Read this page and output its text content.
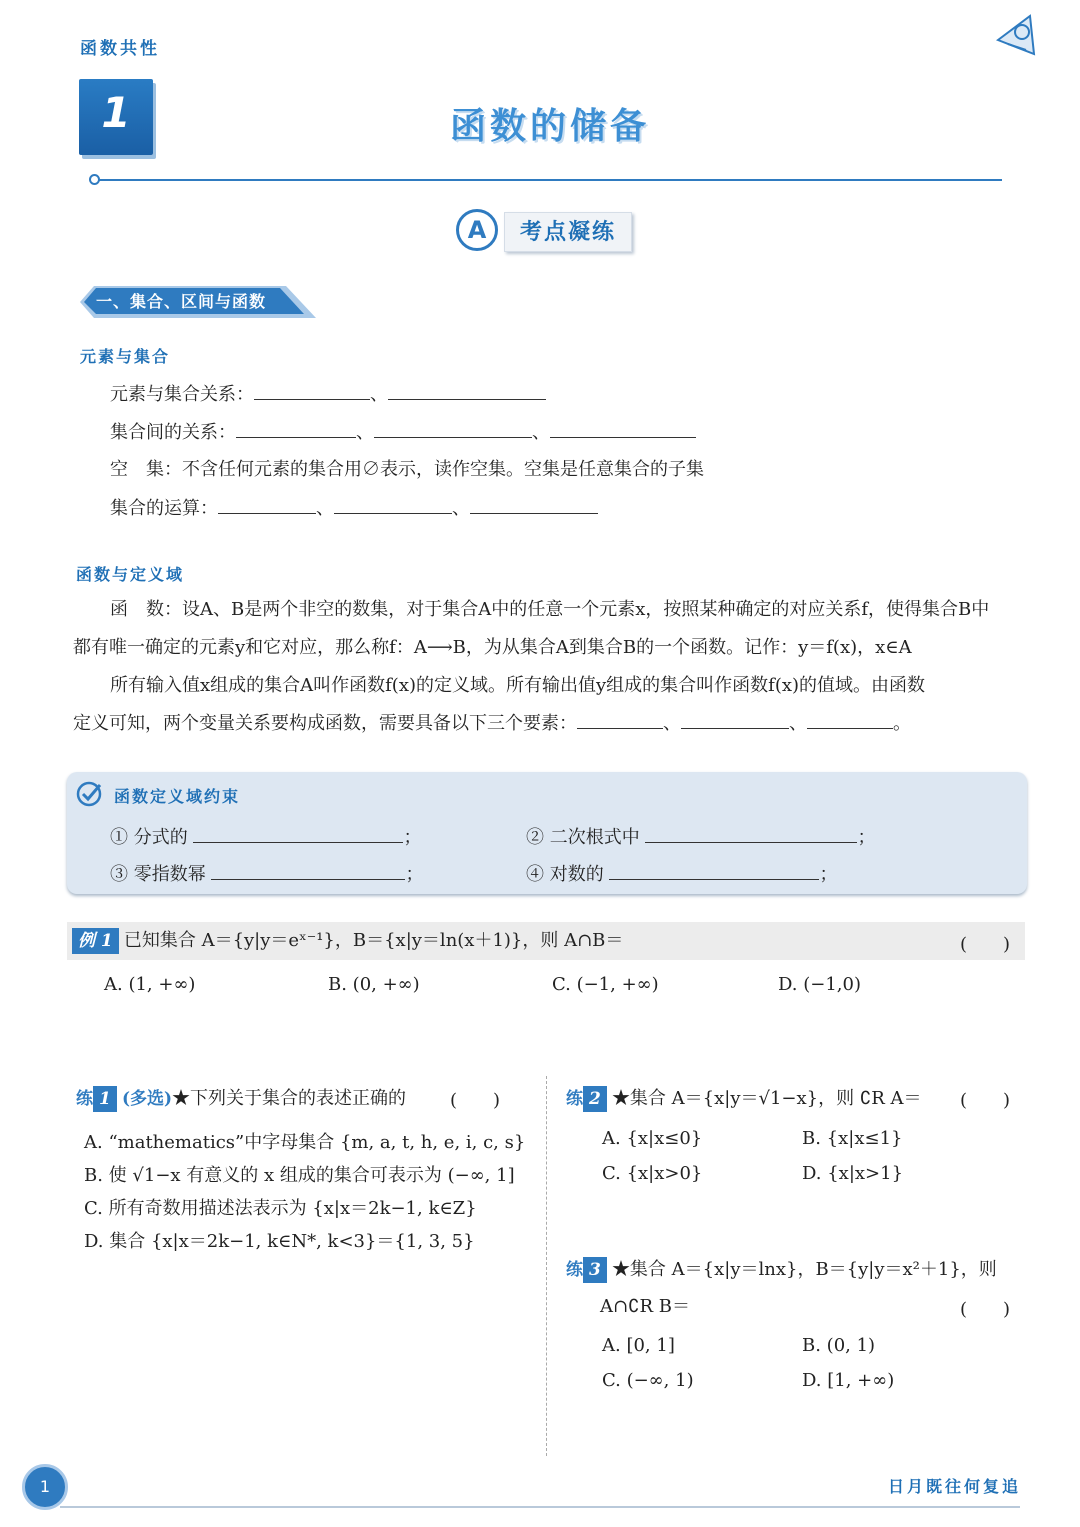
函数共性
1	函数的储备
考点凝练
A
一、集合、区间与函数
元素与集合
元素与集合关系：	、
集合间的关系：	、	、
空　集：不含任何元素的集合用∅表示，读作空集。空集是任意集合的子集
集合的运算：	、	、
函数与定义域
函　数：设A、B是两个非空的数集，对于集合A中的任意一个元素x，按照某种确定的对应关系f，使得集合B中
都有唯一确定的元素y和它对应，那么称f：A⟶B，为从集合A到集合B的一个函数。记作：y＝f(x)，x∈A
所有输入值x组成的集合A叫作函数f(x)的定义域。所有输出值y组成的集合叫作函数f(x)的值域。由函数
定义可知，两个变量关系要构成函数，需要具备以下三个要素：	、	、	。
函数定义域约束
① 分式的	；	② 二次根式中	；
③ 零指数幂	；	④ 对数的	；
例 1 已知集合 A＝{y|y＝eˣ⁻¹}，B＝{x|y＝ln(x＋1)}，则 A∩B＝	(　　)
A. (1, +∞)	B. (0, +∞)	C. (−1, +∞)	D. (−1,0)
练 1 (多选)★下列关于集合的表述正确的 (　　)
A. “mathematics”中字母集合 {m, a, t, h, e, i, c, s}
B. 使 √1−x 有意义的 x 组成的集合可表示为 (−∞, 1]
C. 所有奇数用描述法表示为 {x|x＝2k−1, k∈Z}
D. 集合 {x|x＝2k−1, k∈N*, k<3}＝{1, 3, 5}
练 2 ★集合 A＝{x|y＝√1−x}，则 ∁R A＝ (　　)
A. {x|x≤0}	B. {x|x≤1}
C. {x|x>0}	D. {x|x>1}
练 3 ★集合 A＝{x|y＝lnx}，B＝{y|y＝x²＋1}，则
A∩∁R B＝	(　　)
A. [0, 1]	B. (0, 1)
C. (−∞, 1)	D. [1, +∞)
1	日月既往何复追
